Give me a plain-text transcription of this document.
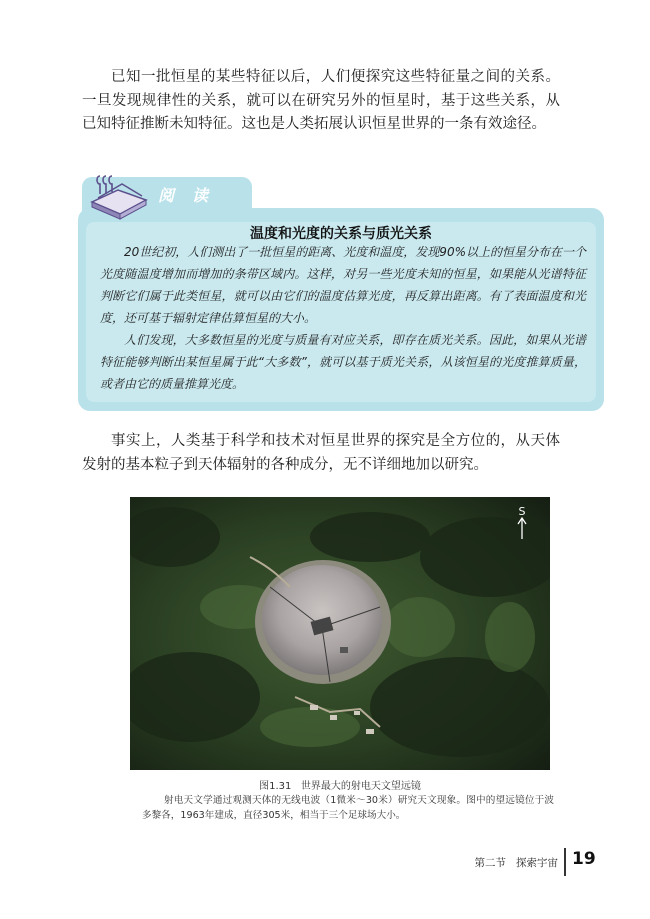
已知一批恒星的某些特征以后，人们便探究这些特征量之间的关系。一旦发现规律性的关系，就可以在研究另外的恒星时，基于这些关系，从已知特征推断未知特征。这也是人类拓展认识恒星世界的一条有效途径。

阅读
温度和光度的关系与质光关系

20世纪初，人们测出了一批恒星的距离、光度和温度，发现90%以上的恒星分布在一个光度随温度增加而增加的条带区域内。这样，对另一些光度未知的恒星，如果能从光谱特征判断它们属于此类恒星，就可以由它们的温度估算光度，再反算出距离。有了表面温度和光度，还可基于辐射定律估算恒星的大小。

人们发现，大多数恒星的光度与质量有对应关系，即存在质光关系。因此，如果从光谱特征能够判断出某恒星属于此“大多数”，就可以基于质光关系，从该恒星的光度推算质量，或者由它的质量推算光度。

事实上，人类基于科学和技术对恒星世界的探究是全方位的，从天体发射的基本粒子到天体辐射的各种成分，无不详细地加以研究。

S
图1.31   世界最大的射电天文望远镜

射电天文学通过观测天体的无线电波（1微米～30米）研究天文现象。图中的望远镜位于波多黎各，1963年建成，直径305米，相当于三个足球场大小。

第二节   探索宇宙 19
